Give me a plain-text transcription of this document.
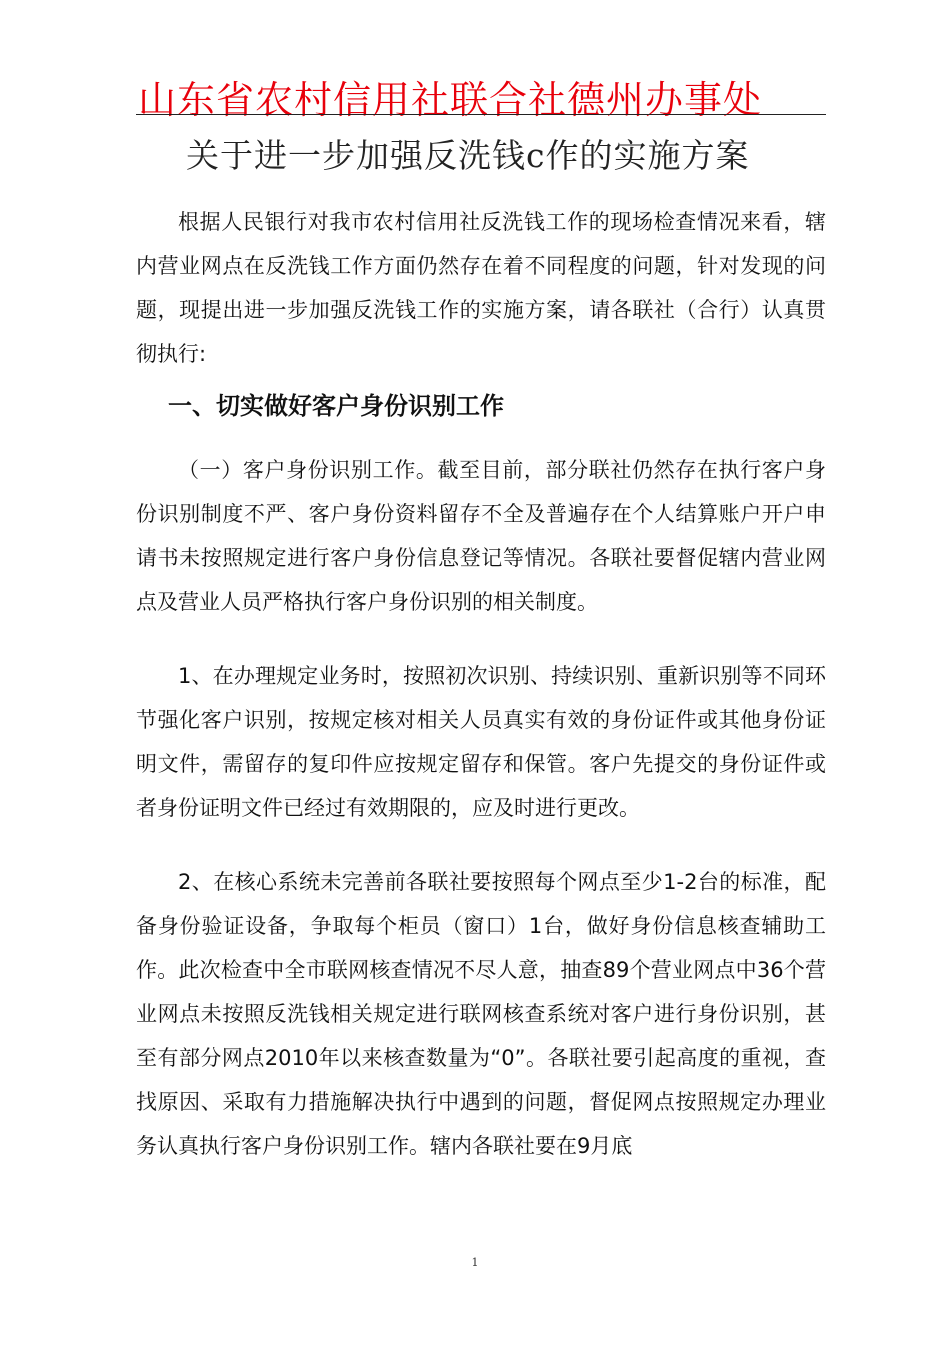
山东省农村信用社联合社德州办事处
关于进一步加强反洗钱c作的实施方案

根据人民银行对我市农村信用社反洗钱工作的现场检查情况来看，辖内营业网点在反洗钱工作方面仍然存在着不同程度的问题，针对发现的问题，现提出进一步加强反洗钱工作的实施方案，请各联社（合行）认真贯彻执行:

一、切实做好客户身份识别工作

（一）客户身份识别工作。截至目前，部分联社仍然存在执行客户身份识别制度不严、客户身份资料留存不全及普遍存在个人结算账户开户申请书未按照规定进行客户身份信息登记等情况。各联社要督促辖内营业网点及营业人员严格执行客户身份识别的相关制度。

1、在办理规定业务时，按照初次识别、持续识别、重新识别等不同环节强化客户识别，按规定核对相关人员真实有效的身份证件或其他身份证明文件，需留存的复印件应按规定留存和保管。客户先提交的身份证件或者身份证明文件已经过有效期限的，应及时进行更改。

2、在核心系统未完善前各联社要按照每个网点至少1-2台的标准，配备身份验证设备，争取每个柜员（窗口）1台，做好身份信息核查辅助工作。此次检查中全市联网核查情况不尽人意，抽查89个营业网点中36个营业网点未按照反洗钱相关规定进行联网核查系统对客户进行身份识别，甚至有部分网点2010年以来核查数量为“0”。各联社要引起高度的重视，查找原因、采取有力措施解决执行中遇到的问题，督促网点按照规定办理业务认真执行客户身份识别工作。辖内各联社要在9月底

1
